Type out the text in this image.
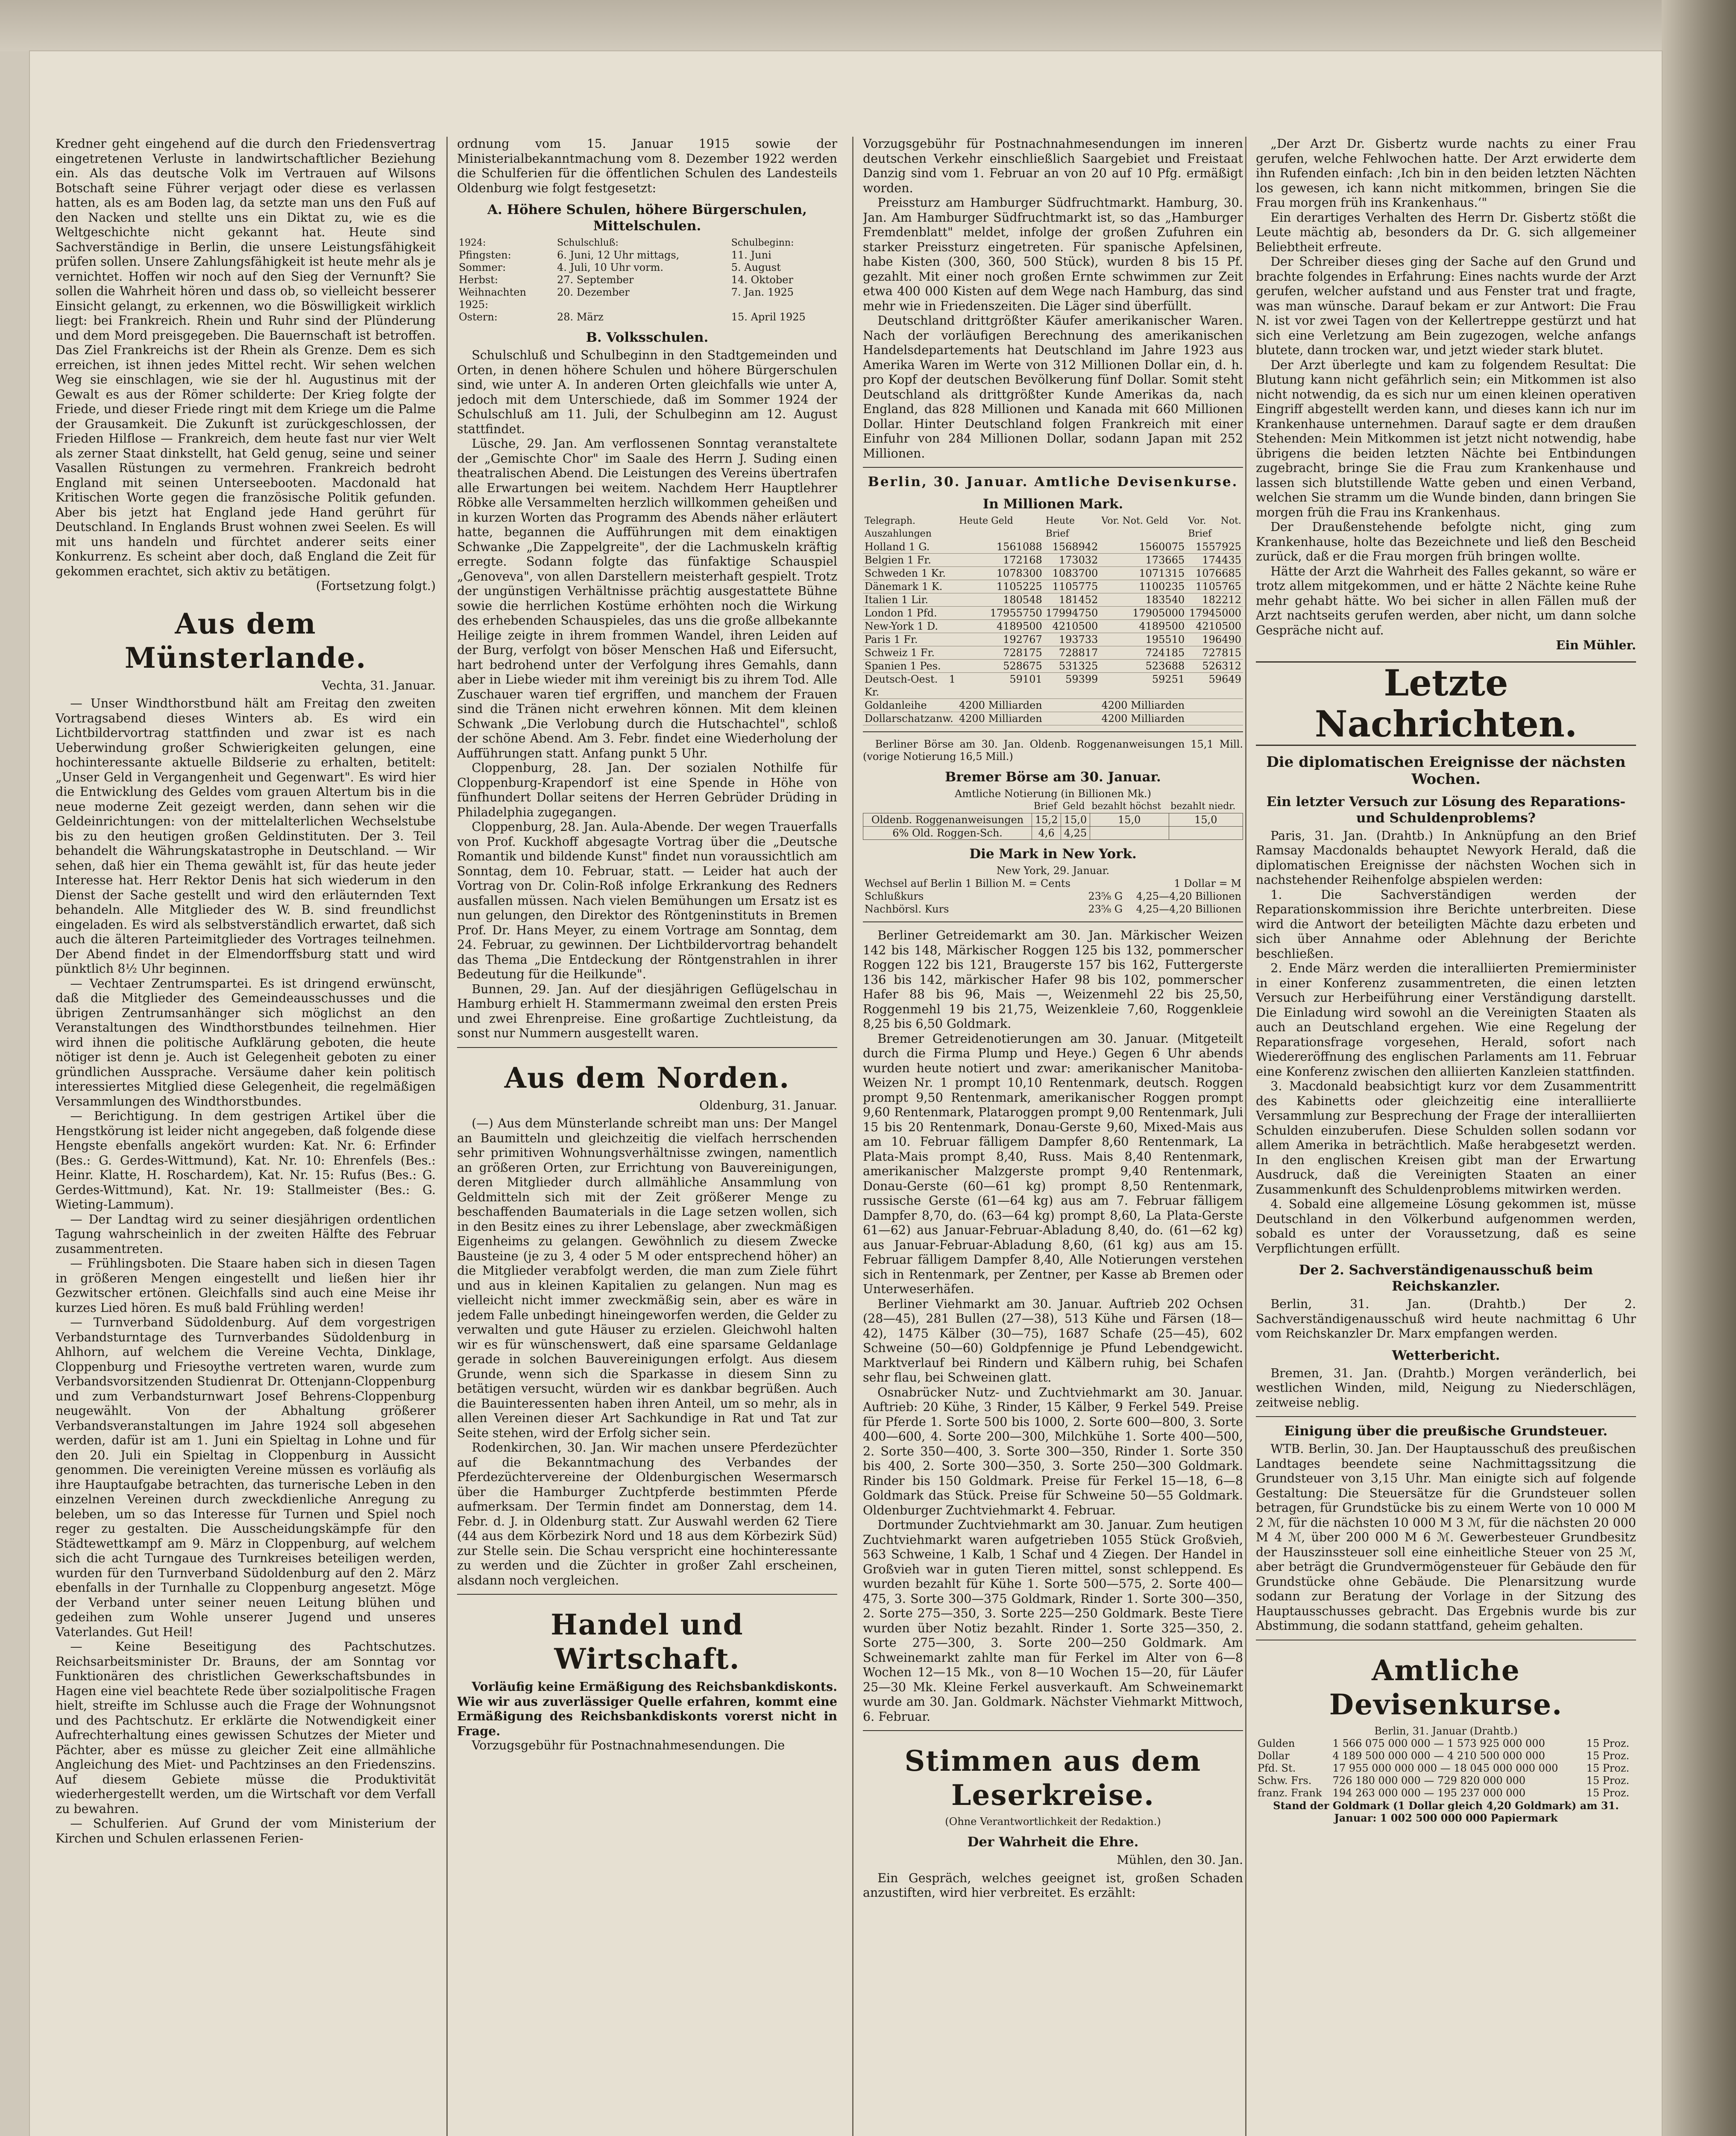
Kredner geht eingehend auf die durch den Friedensvertrag eingetretenen Verluste in landwirtschaftlicher Beziehung ein. Als das deutsche Volk im Vertrauen auf Wilsons Botschaft seine Führer verjagt oder diese es verlassen hatten, als es am Boden lag, da setzte man uns den Fuß auf den Nacken und stellte uns ein Diktat zu, wie es die Weltgeschichte nicht gekannt hat. Heute sind Sachverständige in Berlin, die unsere Leistungsfähigkeit prüfen sollen. Unsere Zahlungsfähigkeit ist heute mehr als je vernichtet. Hoffen wir noch auf den Sieg der Vernunft? Sie sollen die Wahrheit hören und dass ob, so vielleicht besserer Einsicht gelangt, zu erkennen, wo die Böswilligkeit wirklich liegt: bei Frankreich. Rhein und Ruhr sind der Plünderung und dem Mord preisgegeben. Die Bauernschaft ist betroffen. Das Ziel Frankreichs ist der Rhein als Grenze. Dem es sich erreichen, ist ihnen jedes Mittel recht. Wir sehen welchen Weg sie einschlagen, wie sie der hl. Augustinus mit der Gewalt es aus der Römer schilderte: Der Krieg folgte der Friede, und dieser Friede ringt mit dem Kriege um die Palme der Grausamkeit. Die Zukunft ist zurückgeschlossen, der Frieden Hilflose — Frankreich, dem heute fast nur vier Welt als zerner Staat dinkstellt, hat Geld genug, seine und seiner Vasallen Rüstungen zu vermehren. Frankreich bedroht England mit seinen Unterseebooten. Macdonald hat Kritischen Worte gegen die französische Politik gefunden. Aber bis jetzt hat England jede Hand gerührt für Deutschland. In Englands Brust wohnen zwei Seelen. Es will mit uns handeln und fürchtet anderer seits einer Konkurrenz. Es scheint aber doch, daß England die Zeit für gekommen erachtet, sich aktiv zu betätigen.

(Fortsetzung folgt.)

Aus dem Münsterlande.
Vechta, 31. Januar.

— Unser Windthorstbund hält am Freitag den zweiten Vortragsabend dieses Winters ab. Es wird ein Lichtbildervortrag stattfinden und zwar ist es nach Ueberwindung großer Schwierigkeiten gelungen, eine hochinteressante aktuelle Bildserie zu erhalten, betitelt: „Unser Geld in Vergangenheit und Gegenwart". Es wird hier die Entwicklung des Geldes vom grauen Altertum bis in die neue moderne Zeit gezeigt werden, dann sehen wir die Geldeinrichtungen: von der mittelalterlichen Wechselstube bis zu den heutigen großen Geldinstituten. Der 3. Teil behandelt die Währungskatastrophe in Deutschland. — Wir sehen, daß hier ein Thema gewählt ist, für das heute jeder Interesse hat. Herr Rektor Denis hat sich wiederum in den Dienst der Sache gestellt und wird den erläuternden Text behandeln. Alle Mitglieder des W. B. sind freundlichst eingeladen. Es wird als selbstverständlich erwartet, daß sich auch die älteren Parteimitglieder des Vortrages teilnehmen. Der Abend findet in der Elmendorffsburg statt und wird pünktlich 8½ Uhr beginnen.

— Vechtaer Zentrumspartei. Es ist dringend erwünscht, daß die Mitglieder des Gemeindeausschusses und die übrigen Zentrumsanhänger sich möglichst an den Veranstaltungen des Windthorstbundes teilnehmen. Hier wird ihnen die politische Aufklärung geboten, die heute nötiger ist denn je. Auch ist Gelegenheit geboten zu einer gründlichen Aussprache. Versäume daher kein politisch interessiertes Mitglied diese Gelegenheit, die regelmäßigen Versammlungen des Windthorstbundes.

— Berichtigung. In dem gestrigen Artikel über die Hengstkörung ist leider nicht angegeben, daß folgende diese Hengste ebenfalls angekört wurden: Kat. Nr. 6: Erfinder (Bes.: G. Gerdes-Wittmund), Kat. Nr. 10: Ehrenfels (Bes.: Heinr. Klatte, H. Roschardem), Kat. Nr. 15: Rufus (Bes.: G. Gerdes-Wittmund), Kat. Nr. 19: Stallmeister (Bes.: G. Wieting-Lammum).

— Der Landtag wird zu seiner diesjährigen ordentlichen Tagung wahrscheinlich in der zweiten Hälfte des Februar zusammentreten.

— Frühlingsboten. Die Staare haben sich in diesen Tagen in größeren Mengen eingestellt und ließen hier ihr Gezwitscher ertönen. Gleichfalls sind auch eine Meise ihr kurzes Lied hören. Es muß bald Frühling werden!

— Turnverband Südoldenburg. Auf dem vorgestrigen Verbandsturntage des Turnverbandes Südoldenburg in Ahlhorn, auf welchem die Vereine Vechta, Dinklage, Cloppenburg und Friesoythe vertreten waren, wurde zum Verbandsvorsitzenden Studienrat Dr. Ottenjann-Cloppenburg und zum Verbandsturnwart Josef Behrens-Cloppenburg neugewählt. Von der Abhaltung größerer Verbandsveranstaltungen im Jahre 1924 soll abgesehen werden, dafür ist am 1. Juni ein Spieltag in Lohne und für den 20. Juli ein Spieltag in Cloppenburg in Aussicht genommen. Die vereinigten Vereine müssen es vorläufig als ihre Hauptaufgabe betrachten, das turnerische Leben in den einzelnen Vereinen durch zweckdienliche Anregung zu beleben, um so das Interesse für Turnen und Spiel noch reger zu gestalten. Die Ausscheidungskämpfe für den Städtewettkampf am 9. März in Cloppenburg, auf welchem sich die acht Turngaue des Turnkreises beteiligen werden, wurden für den Turnverband Südoldenburg auf den 2. März ebenfalls in der Turnhalle zu Cloppenburg angesetzt. Möge der Verband unter seiner neuen Leitung blühen und gedeihen zum Wohle unserer Jugend und unseres Vaterlandes. Gut Heil!

— Keine Beseitigung des Pachtschutzes. Reichsarbeitsminister Dr. Brauns, der am Sonntag vor Funktionären des christlichen Gewerkschaftsbundes in Hagen eine viel beachtete Rede über sozialpolitische Fragen hielt, streifte im Schlusse auch die Frage der Wohnungsnot und des Pachtschutz. Er erklärte die Notwendigkeit einer Aufrechterhaltung eines gewissen Schutzes der Mieter und Pächter, aber es müsse zu gleicher Zeit eine allmähliche Angleichung des Miet- und Pachtzinses an den Friedenszins. Auf diesem Gebiete müsse die Produktivität wiederhergestellt werden, um die Wirtschaft vor dem Verfall zu bewahren.

— Schulferien. Auf Grund der vom Ministerium der Kirchen und Schulen erlassenen Ferien-

ordnung vom 15. Januar 1915 sowie der Ministerialbekanntmachung vom 8. Dezember 1922 werden die Schulferien für die öffentlichen Schulen des Landesteils Oldenburg wie folgt festgesetzt:

A. Höhere Schulen, höhere Bürgerschulen, Mittelschulen.
1924:	Schulschluß:	Schulbeginn:
Pfingsten:	6. Juni, 12 Uhr mittags,	11. Juni
Sommer:	4. Juli, 10 Uhr vorm.	5. August
Herbst:	27. September	14. Oktober
Weihnachten	20. Dezember	7. Jan. 1925
1925:		
Ostern:	28. März	15. April 1925
B. Volksschulen.

Schulschluß und Schulbeginn in den Stadtgemeinden und Orten, in denen höhere Schulen und höhere Bürgerschulen sind, wie unter A. In anderen Orten gleichfalls wie unter A, jedoch mit dem Unterschiede, daß im Sommer 1924 der Schulschluß am 11. Juli, der Schulbeginn am 12. August stattfindet.

Lüsche, 29. Jan. Am verflossenen Sonntag veranstaltete der „Gemischte Chor" im Saale des Herrn J. Suding einen theatralischen Abend. Die Leistungen des Vereins übertrafen alle Erwartungen bei weitem. Nachdem Herr Hauptlehrer Röbke alle Versammelten herzlich willkommen geheißen und in kurzen Worten das Programm des Abends näher erläutert hatte, begannen die Aufführungen mit dem einaktigen Schwanke „Die Zappelgreite", der die Lachmuskeln kräftig erregte. Sodann folgte das fünfaktige Schauspiel „Genoveva", von allen Darstellern meisterhaft gespielt. Trotz der ungünstigen Verhältnisse prächtig ausgestattete Bühne sowie die herrlichen Kostüme erhöhten noch die Wirkung des erhebenden Schauspieles, das uns die große allbekannte Heilige zeigte in ihrem frommen Wandel, ihren Leiden auf der Burg, verfolgt von böser Menschen Haß und Eifersucht, hart bedrohend unter der Verfolgung ihres Gemahls, dann aber in Liebe wieder mit ihm vereinigt bis zu ihrem Tod. Alle Zuschauer waren tief ergriffen, und manchem der Frauen sind die Tränen nicht erwehren können. Mit dem kleinen Schwank „Die Verlobung durch die Hutschachtel", schloß der schöne Abend. Am 3. Febr. findet eine Wiederholung der Aufführungen statt. Anfang punkt 5 Uhr.

Cloppenburg, 28. Jan. Der sozialen Nothilfe für Cloppenburg-Krapendorf ist eine Spende in Höhe von fünfhundert Dollar seitens der Herren Gebrüder Drüding in Philadelphia zugegangen.

Cloppenburg, 28. Jan. Aula-Abende. Der wegen Trauerfalls von Prof. Kuckhoff abgesagte Vortrag über die „Deutsche Romantik und bildende Kunst" findet nun voraussichtlich am Sonntag, dem 10. Februar, statt. — Leider hat auch der Vortrag von Dr. Colin-Roß infolge Erkrankung des Redners ausfallen müssen. Nach vielen Bemühungen um Ersatz ist es nun gelungen, den Direktor des Röntgeninstituts in Bremen Prof. Dr. Hans Meyer, zu einem Vortrage am Sonntag, dem 24. Februar, zu gewinnen. Der Lichtbildervortrag behandelt das Thema „Die Entdeckung der Röntgenstrahlen in ihrer Bedeutung für die Heilkunde".

Bunnen, 29. Jan. Auf der diesjährigen Geflügelschau in Hamburg erhielt H. Stammermann zweimal den ersten Preis und zwei Ehrenpreise. Eine großartige Zuchtleistung, da sonst nur Nummern ausgestellt waren.

Aus dem Norden.
Oldenburg, 31. Januar.

(—) Aus dem Münsterlande schreibt man uns: Der Mangel an Baumitteln und gleichzeitig die vielfach herrschenden sehr primitiven Wohnungsverhältnisse zwingen, namentlich an größeren Orten, zur Errichtung von Bauvereinigungen, deren Mitglieder durch allmähliche Ansammlung von Geldmitteln sich mit der Zeit größerer Menge zu beschaffenden Baumaterials in die Lage setzen wollen, sich in den Besitz eines zu ihrer Lebenslage, aber zweckmäßigen Eigenheims zu gelangen. Gewöhnlich zu diesem Zwecke Bausteine (je zu 3, 4 oder 5 M oder entsprechend höher) an die Mitglieder verabfolgt werden, die man zum Ziele führt und aus in kleinen Kapitalien zu gelangen. Nun mag es vielleicht nicht immer zweckmäßig sein, aber es wäre in jedem Falle unbedingt hineingeworfen werden, die Gelder zu verwalten und gute Häuser zu erzielen. Gleichwohl halten wir es für wünschenswert, daß eine sparsame Geldanlage gerade in solchen Bauvereinigungen erfolgt. Aus diesem Grunde, wenn sich die Sparkasse in diesem Sinn zu betätigen versucht, würden wir es dankbar begrüßen. Auch die Bauinteressenten haben ihren Anteil, um so mehr, als in allen Vereinen dieser Art Sachkundige in Rat und Tat zur Seite stehen, wird der Erfolg sicher sein.

Rodenkirchen, 30. Jan. Wir machen unsere Pferdezüchter auf die Bekanntmachung des Verbandes der Pferdezüchtervereine der Oldenburgischen Wesermarsch über die Hamburger Zuchtpferde bestimmten Pferde aufmerksam. Der Termin findet am Donnerstag, dem 14. Febr. d. J. in Oldenburg statt. Zur Auswahl werden 62 Tiere (44 aus dem Körbezirk Nord und 18 aus dem Körbezirk Süd) zur Stelle sein. Die Schau verspricht eine hochinteressante zu werden und die Züchter in großer Zahl erscheinen, alsdann noch vergleichen.

Handel und Wirtschaft.

Vorläufig keine Ermäßigung des Reichsbankdiskonts. Wie wir aus zuverlässiger Quelle erfahren, kommt eine Ermäßigung des Reichsbankdiskonts vorerst nicht in Frage.

Vorzugsgebühr für Postnachnahmesendungen. Die

Vorzugsgebühr für Postnachnahmesendungen im inneren deutschen Verkehr einschließlich Saargebiet und Freistaat Danzig sind vom 1. Februar an von 20 auf 10 Pfg. ermäßigt worden.

Preissturz am Hamburger Südfruchtmarkt. Hamburg, 30. Jan. Am Hamburger Südfruchtmarkt ist, so das „Hamburger Fremdenblatt" meldet, infolge der großen Zufuhren ein starker Preissturz eingetreten. Für spanische Apfelsinen, habe Kisten (300, 360, 500 Stück), wurden 8 bis 15 Pf. gezahlt. Mit einer noch großen Ernte schwimmen zur Zeit etwa 400 000 Kisten auf dem Wege nach Hamburg, das sind mehr wie in Friedenszeiten. Die Läger sind überfüllt.

Deutschland drittgrößter Käufer amerikanischer Waren. Nach der vorläufigen Berechnung des amerikanischen Handelsdepartements hat Deutschland im Jahre 1923 aus Amerika Waren im Werte von 312 Millionen Dollar ein, d. h. pro Kopf der deutschen Bevölkerung fünf Dollar. Somit steht Deutschland als drittgrößter Kunde Amerikas da, nach England, das 828 Millionen und Kanada mit 660 Millionen Dollar. Hinter Deutschland folgen Frankreich mit einer Einfuhr von 284 Millionen Dollar, sodann Japan mit 252 Millionen.

Berlin, 30. Januar. Amtliche Devisenkurse.
In Millionen Mark.
Telegraph. Auszahlungen	Heute Geld	Heute Brief	Vor. Not. Geld	Vor. Not. Brief
Holland 1 G.	1561088	1568942	1560075	1557925
Belgien 1 Fr.	172168	173032	173665	174435
Schweden 1 Kr.	1078300	1083700	1071315	1076685
Dänemark 1 K.	1105225	1105775	1100235	1105765
Italien 1 Lir.	180548	181452	183540	182212
London 1 Pfd.	17955750	17994750	17905000	17945000
New-York 1 D.	4189500	4210500	4189500	4210500
Paris 1 Fr.	192767	193733	195510	196490
Schweiz 1 Fr.	728175	728817	724185	727815
Spanien 1 Pes.	528675	531325	523688	526312
Deutsch-Oest. 1 Kr.	59101	59399	59251	59649
Goldanleihe	4200 Milliarden		4200 Milliarden	
Dollarschatzanw.	4200 Milliarden		4200 Milliarden	

Berliner Börse am 30. Jan. Oldenb. Roggenanweisungen 15,1 Mill. (vorige Notierung 16,5 Mill.)

Bremer Börse am 30. Januar.
Amtliche Notierung (in Billionen Mk.)
	Brief	Geld	bezahlt höchst	bezahlt niedr.
Oldenb. Roggenanweisungen	15,2	15,0	15,0	15,0
6% Old. Roggen-Sch.	4,6	4,25		
Die Mark in New York.
New York, 29. Januar.
Wechsel auf Berlin 1 Billion M. = Cents		1 Dollar = M
Schlußkurs	23⁵⁄₈ G	4,25—4,20 Billionen
Nachbörsl. Kurs	23⁵⁄₈ G	4,25—4,20 Billionen

Berliner Getreidemarkt am 30. Jan. Märkischer Weizen 142 bis 148, Märkischer Roggen 125 bis 132, pommerscher Roggen 122 bis 121, Braugerste 157 bis 162, Futtergerste 136 bis 142, märkischer Hafer 98 bis 102, pommerscher Hafer 88 bis 96, Mais —, Weizenmehl 22 bis 25,50, Roggenmehl 19 bis 21,75, Weizenkleie 7,60, Roggenkleie 8,25 bis 6,50 Goldmark.

Bremer Getreidenotierungen am 30. Januar. (Mitgeteilt durch die Firma Plump und Heye.) Gegen 6 Uhr abends wurden heute notiert und zwar: amerikanischer Manitoba-Weizen Nr. 1 prompt 10,10 Rentenmark, deutsch. Roggen prompt 9,50 Rentenmark, amerikanischer Roggen prompt 9,60 Rentenmark, Plataroggen prompt 9,00 Rentenmark, Juli 15 bis 20 Rentenmark, Donau-Gerste 9,60, Mixed-Mais aus am 10. Februar fälligem Dampfer 8,60 Rentenmark, La Plata-Mais prompt 8,40, Russ. Mais 8,40 Rentenmark, amerikanischer Malzgerste prompt 9,40 Rentenmark, Donau-Gerste (60—61 kg) prompt 8,50 Rentenmark, russische Gerste (61—64 kg) aus am 7. Februar fälligem Dampfer 8,70, do. (63—64 kg) prompt 8,60, La Plata-Gerste 61—62) aus Januar-Februar-Abladung 8,40, do. (61—62 kg) aus Januar-Februar-Abladung 8,60, (61 kg) aus am 15. Februar fälligem Dampfer 8,40, Alle Notierungen verstehen sich in Rentenmark, per Zentner, per Kasse ab Bremen oder Unterweserhäfen.

Berliner Viehmarkt am 30. Januar. Auftrieb 202 Ochsen (28—45), 281 Bullen (27—38), 513 Kühe und Färsen (18—42), 1475 Kälber (30—75), 1687 Schafe (25—45), 602 Schweine (50—60) Goldpfennige je Pfund Lebendgewicht. Marktverlauf bei Rindern und Kälbern ruhig, bei Schafen sehr flau, bei Schweinen glatt.

Osnabrücker Nutz- und Zuchtviehmarkt am 30. Januar. Auftrieb: 20 Kühe, 3 Rinder, 15 Kälber, 9 Ferkel 549. Preise für Pferde 1. Sorte 500 bis 1000, 2. Sorte 600—800, 3. Sorte 400—600, 4. Sorte 200—300, Milchkühe 1. Sorte 400—500, 2. Sorte 350—400, 3. Sorte 300—350, Rinder 1. Sorte 350 bis 400, 2. Sorte 300—350, 3. Sorte 250—300 Goldmark. Rinder bis 150 Goldmark. Preise für Ferkel 15—18, 6—8 Goldmark das Stück. Preise für Schweine 50—55 Goldmark. Oldenburger Zuchtviehmarkt 4. Februar.

Dortmunder Zuchtviehmarkt am 30. Januar. Zum heutigen Zuchtviehmarkt waren aufgetrieben 1055 Stück Großvieh, 563 Schweine, 1 Kalb, 1 Schaf und 4 Ziegen. Der Handel in Großvieh war in guten Tieren mittel, sonst schleppend. Es wurden bezahlt für Kühe 1. Sorte 500—575, 2. Sorte 400—475, 3. Sorte 300—375 Goldmark, Rinder 1. Sorte 300—350, 2. Sorte 275—350, 3. Sorte 225—250 Goldmark. Beste Tiere wurden über Notiz bezahlt. Rinder 1. Sorte 325—350, 2. Sorte 275—300, 3. Sorte 200—250 Goldmark. Am Schweinemarkt zahlte man für Ferkel im Alter von 6—8 Wochen 12—15 Mk., von 8—10 Wochen 15—20, für Läufer 25—30 Mk. Kleine Ferkel ausverkauft. Am Schweinemarkt wurde am 30. Jan. Goldmark. Nächster Viehmarkt Mittwoch, 6. Februar.

Stimmen aus dem Leserkreise.
(Ohne Verantwortlichkeit der Redaktion.)
Der Wahrheit die Ehre.
Mühlen, den 30. Jan.

Ein Gespräch, welches geeignet ist, großen Schaden anzustiften, wird hier verbreitet. Es erzählt:

„Der Arzt Dr. Gisbertz wurde nachts zu einer Frau gerufen, welche Fehlwochen hatte. Der Arzt erwiderte dem ihn Rufenden einfach: ‚Ich bin in den beiden letzten Nächten los gewesen, ich kann nicht mitkommen, bringen Sie die Frau morgen früh ins Krankenhaus.‘"

Ein derartiges Verhalten des Herrn Dr. Gisbertz stößt die Leute mächtig ab, besonders da Dr. G. sich allgemeiner Beliebtheit erfreute.

Der Schreiber dieses ging der Sache auf den Grund und brachte folgendes in Erfahrung: Eines nachts wurde der Arzt gerufen, welcher aufstand und aus Fenster trat und fragte, was man wünsche. Darauf bekam er zur Antwort: Die Frau N. ist vor zwei Tagen von der Kellertreppe gestürzt und hat sich eine Verletzung am Bein zugezogen, welche anfangs blutete, dann trocken war, und jetzt wieder stark blutet.

Der Arzt überlegte und kam zu folgendem Resultat: Die Blutung kann nicht gefährlich sein; ein Mitkommen ist also nicht notwendig, da es sich nur um einen kleinen operativen Eingriff abgestellt werden kann, und dieses kann ich nur im Krankenhause unternehmen. Darauf sagte er dem draußen Stehenden: Mein Mitkommen ist jetzt nicht notwendig, habe übrigens die beiden letzten Nächte bei Entbindungen zugebracht, bringe Sie die Frau zum Krankenhause und lassen sich blutstillende Watte geben und einen Verband, welchen Sie stramm um die Wunde binden, dann bringen Sie morgen früh die Frau ins Krankenhaus.

Der Draußenstehende befolgte nicht, ging zum Krankenhause, holte das Bezeichnete und ließ den Bescheid zurück, daß er die Frau morgen früh bringen wollte.

Hätte der Arzt die Wahrheit des Falles gekannt, so wäre er trotz allem mitgekommen, und er hätte 2 Nächte keine Ruhe mehr gehabt hätte. Wo bei sicher in allen Fällen muß der Arzt nachtseits gerufen werden, aber nicht, um dann solche Gespräche nicht auf.

Ein Mühler.

Letzte Nachrichten.
Die diplomatischen Ereignisse der nächsten Wochen.
Ein letzter Versuch zur Lösung des Reparations- und Schuldenproblems?

Paris, 31. Jan. (Drahtb.) In Anknüpfung an den Brief Ramsay Macdonalds behauptet Newyork Herald, daß die diplomatischen Ereignisse der nächsten Wochen sich in nachstehender Reihenfolge abspielen werden:

1. Die Sachverständigen werden der Reparationskommission ihre Berichte unterbreiten. Diese wird die Antwort der beteiligten Mächte dazu erbeten und sich über Annahme oder Ablehnung der Berichte beschließen.

2. Ende März werden die interalliierten Premierminister in einer Konferenz zusammentreten, die einen letzten Versuch zur Herbeiführung einer Verständigung darstellt. Die Einladung wird sowohl an die Vereinigten Staaten als auch an Deutschland ergehen. Wie eine Regelung der Reparationsfrage vorgesehen, Herald, sofort nach Wiedereröffnung des englischen Parlaments am 11. Februar eine Konferenz zwischen den alliierten Kanzleien stattfinden.

3. Macdonald beabsichtigt kurz vor dem Zusammentritt des Kabinetts oder gleichzeitig eine interalliierte Versammlung zur Besprechung der Frage der interalliierten Schulden einzuberufen. Diese Schulden sollen sodann vor allem Amerika in beträchtlich. Maße herabgesetzt werden. In den englischen Kreisen gibt man der Erwartung Ausdruck, daß die Vereinigten Staaten an einer Zusammenkunft des Schuldenproblems mitwirken werden.

4. Sobald eine allgemeine Lösung gekommen ist, müsse Deutschland in den Völkerbund aufgenommen werden, sobald es unter der Voraussetzung, daß es seine Verpflichtungen erfüllt.

Der 2. Sachverständigenausschuß beim Reichskanzler.

Berlin, 31. Jan. (Drahtb.) Der 2. Sachverständigenausschuß wird heute nachmittag 6 Uhr vom Reichskanzler Dr. Marx empfangen werden.

Wetterbericht.

Bremen, 31. Jan. (Drahtb.) Morgen veränderlich, bei westlichen Winden, mild, Neigung zu Niederschlägen, zeitweise neblig.

Einigung über die preußische Grundsteuer.

WTB. Berlin, 30. Jan. Der Hauptausschuß des preußischen Landtages beendete seine Nachmittagssitzung die Grundsteuer von 3,15 Uhr. Man einigte sich auf folgende Gestaltung: Die Steuersätze für die Grundsteuer sollen betragen, für Grundstücke bis zu einem Werte von 10 000 M 2 ℳ, für die nächsten 10 000 M 3 ℳ, für die nächsten 20 000 M 4 ℳ, über 200 000 M 6 ℳ. Gewerbesteuer Grundbesitz der Hauszinssteuer soll eine einheitliche Steuer von 25 ℳ, aber beträgt die Grundvermögensteuer für Gebäude den für Grundstücke ohne Gebäude. Die Plenarsitzung wurde sodann zur Beratung der Vorlage in der Sitzung des Hauptausschusses gebracht. Das Ergebnis wurde bis zur Abstimmung, die sodann stattfand, geheim gehalten.

Amtliche Devisenkurse.
Berlin, 31. Januar (Drahtb.)
Gulden	1 566 075 000 000 — 1 573 925 000 000	15 Proz.
Dollar	4 189 500 000 000 — 4 210 500 000 000	15 Proz.
Pfd. St.	17 955 000 000 000 — 18 045 000 000 000	15 Proz.
Schw. Frs.	726 180 000 000 — 729 820 000 000	15 Proz.
franz. Frank	194 263 000 000 — 195 237 000 000	15 Proz.

Stand der Goldmark (1 Dollar gleich 4,20 Goldmark) am 31. Januar: 1 002 500 000 000 Papiermark
